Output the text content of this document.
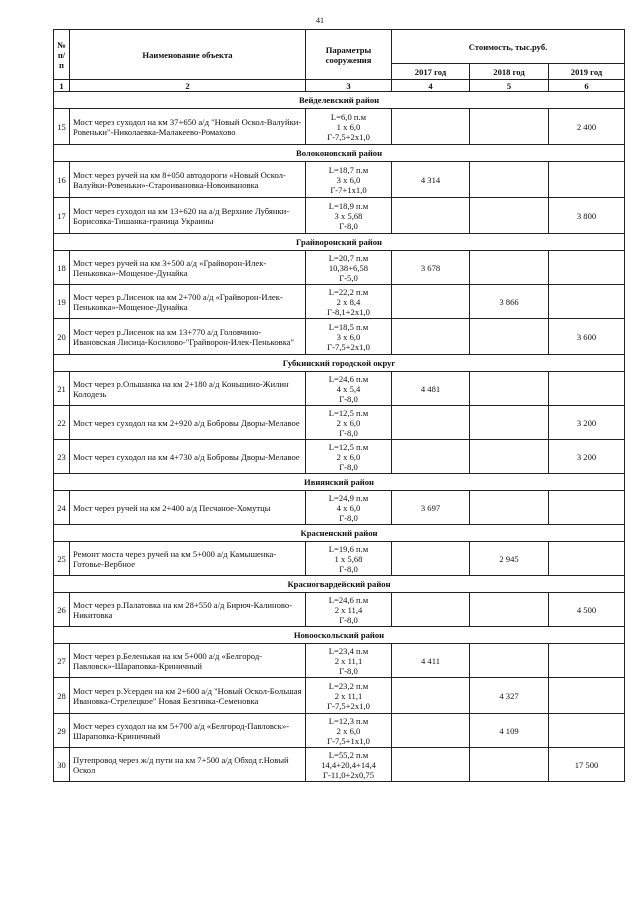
41
№ п/п	Наименование объекта	Параметры сооружения	Стоимость, тыс.руб.		
			2017 год	2018 год	2019 год
1	2	3	4	5	6
Вейделевский район					
15	Мост через суходол на км 37+650 а/д "Новый Оскол-Валуйки-Ровеньки"-Николаевка-Малакеево-Ромахово	L=6,0 п.м
1 х 6,0
Г-7,5+2х1,0			2 400
Волоконовский район					
16	Мост через ручей на км 8+050 автодороги «Новый Оскол-Валуйки-Ровеньки»-Староивановка-Новоивановка	L=18,7 п.м
3 х 6,0
Г-7+1х1,0	4 314		
17	Мост через суходол на км 13+620 на а/д Верхние Лубянки-Борисовка-Тишанка-граница Украины	L=18,9 п.м
3 х 5,68
Г-8,0			3 800
Грайворонский район					
18	Мост через ручей на км 3+500 а/д «Грайворон-Илек-Пеньковка»-Мощеное-Дунайка	L=20,7 п.м
10,38+6,58
Г-5,0	3 678		
19	Мост через р.Лисенок на км 2+700 а/д «Грайворон-Илек-Пеньковка»-Мощеное-Дунайка	L=22,2 п.м
2 х 8,4
Г-8,1+2х1,0		3 866	
20	Мост через р.Лисенок на км 13+770 а/д Головчино-Ивановская Лисица-Косилово-"Грайворон-Илек-Пеньковка"	L=18,5 п.м
3 х 6,0
Г-7,5+2х1,0			3 600
Губкинский городской округ					
21	Мост через р.Ольшанка на км 2+180 а/д Коньшино-Жилин Колодезь	L=24,6 п.м
4 х 5,4
Г-8,0	4 481		
22	Мост через суходол на км 2+920 а/д Бобровы Дворы-Мелавое	L=12,5 п.м
2 х 6,0
Г-8,0			3 200
23	Мост через суходол на км 4+730 а/д Бобровы Дворы-Мелавое	L=12,5 п.м
2 х 6,0
Г-8,0			3 200
Ивнянский район					
24	Мост через ручей на км 2+400 а/д Песчаное-Хомутцы	L=24,9 п.м
4 х 6,0
Г-8,0	3 697		
Красненский район					
25	Ремонт моста через ручей на км 5+000 а/д Камышенка-Готовье-Вербное	L=19,6 п.м
1 х 5,68
Г-8,0		2 945	
Красногвардейский район					
26	Мост через р.Палатовка на км 28+550 а/д Бирюч-Калиново-Никитовка	L=24,6 п.м
2 х 11,4
Г-8,0			4 500
Новооскольский район					
27	Мост через р.Беленькая на км 5+000 а/д «Белгород-Павловск»-Шараповка-Криничный	L=23,4 п.м
2 х 11,1
Г-8,0	4 411		
28	Мост через р.Усерден на км 2+600 а/д "Новый Оскол-Большая Ивановка-Стрелецкое" Новая Безгинка-Семеновка	L=23,2 п.м
2 х 11,1
Г-7,5+2х1,0		4 327	
29	Мост через суходол на км 5+700 а/д «Белгород-Павловск»-Шараповка-Криничный	L=12,3 п.м
2 х 6,0
Г-7,5+1х1,0		4 109	
30	Путепровод через ж/д пути на км 7+500 а/д Обход г.Новый Оскол	L=55,2 п.м
14,4+20,4+14,4
Г-11,0+2х0,75			17 500
